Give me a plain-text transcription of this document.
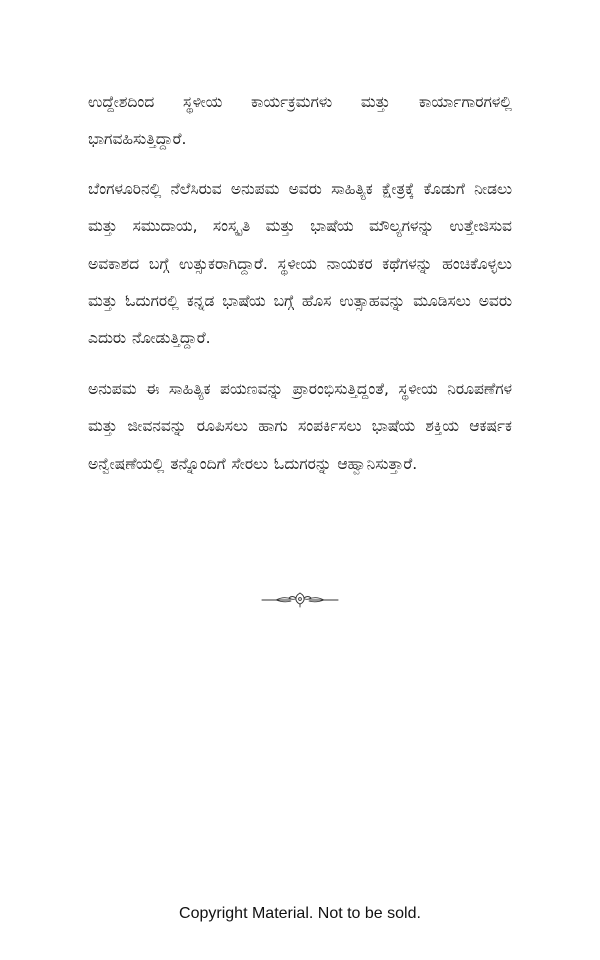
ಉದ್ದೇಶದಿಂದ ಸ್ಥಳೀಯ ಕಾರ್ಯಕ್ರಮಗಳು ಮತ್ತು ಕಾರ್ಯಾಗಾರಗಳಲ್ಲಿ ಭಾಗವಹಿಸುತ್ತಿದ್ದಾರೆ.

ಬೆಂಗಳೂರಿನಲ್ಲಿ ನೆಲೆಸಿರುವ ಅನುಪಮ ಅವರು ಸಾಹಿತ್ಯಿಕ ಕ್ಷೇತ್ರಕ್ಕೆ ಕೊಡುಗೆ ನೀಡಲು ಮತ್ತು ಸಮುದಾಯ, ಸಂಸ್ಕೃತಿ ಮತ್ತು ಭಾಷೆಯ ಮೌಲ್ಯಗಳನ್ನು ಉತ್ತೇಜಿಸುವ ಅವಕಾಶದ ಬಗ್ಗೆ ಉತ್ಸುಕರಾಗಿದ್ದಾರೆ. ಸ್ಥಳೀಯ ನಾಯಕರ ಕಥೆಗಳನ್ನು ಹಂಚಿಕೊಳ್ಳಲು ಮತ್ತು ಓದುಗರಲ್ಲಿ ಕನ್ನಡ ಭಾಷೆಯ ಬಗ್ಗೆ ಹೊಸ ಉತ್ಸಾಹವನ್ನು ಮೂಡಿಸಲು ಅವರು ಎದುರು ನೋಡುತ್ತಿದ್ದಾರೆ.

ಅನುಪಮ ಈ ಸಾಹಿತ್ಯಿಕ ಪಯಣವನ್ನು ಪ್ರಾರಂಭಿಸುತ್ತಿದ್ದಂತೆ, ಸ್ಥಳೀಯ ನಿರೂಪಣೆಗಳ ಮತ್ತು ಜೀವನವನ್ನು ರೂಪಿಸಲು ಹಾಗು ಸಂಪರ್ಕಿಸಲು ಭಾಷೆಯ ಶಕ್ತಿಯ ಆಕರ್ಷಕ ಅನ್ವೇಷಣೆಯಲ್ಲಿ ತನ್ನೊಂದಿಗೆ ಸೇರಲು ಓದುಗರನ್ನು ಆಹ್ವಾನಿಸುತ್ತಾರೆ.

Copyright Material. Not to be sold.
